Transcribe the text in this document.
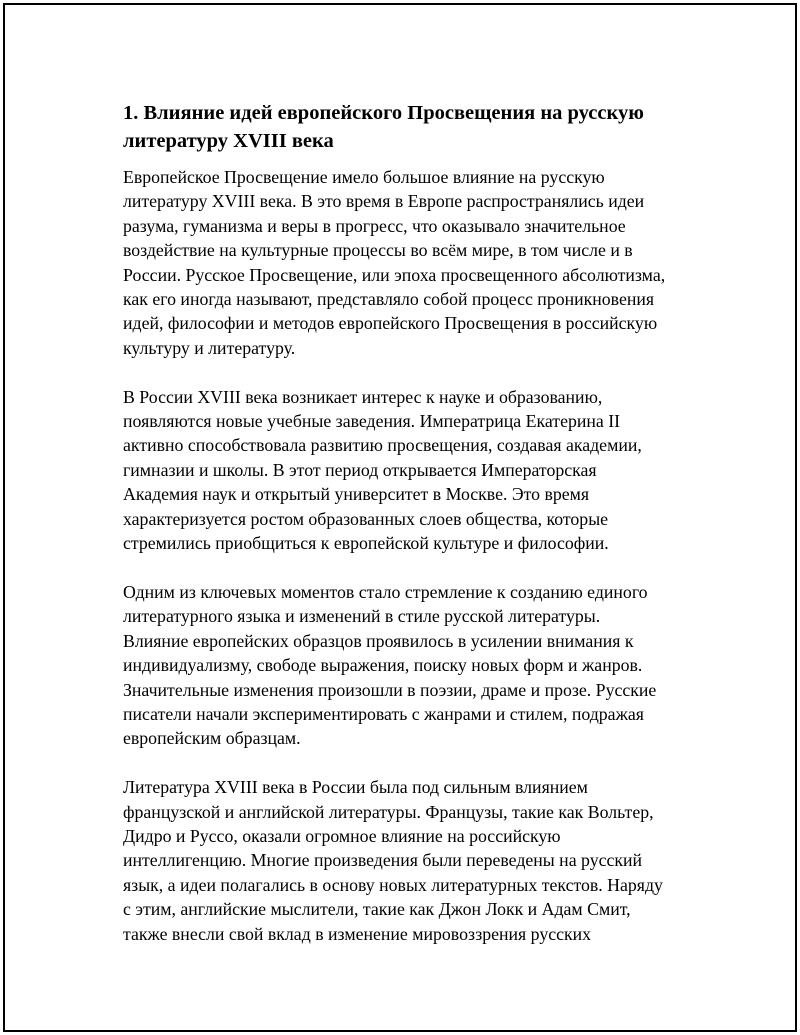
1. Влияние идей европейского Просвещения на русскую
литературу XVIII века

Европейское Просвещение имело большое влияние на русскую
литературу XVIII века. В это время в Европе распространялись идеи
разума, гуманизма и веры в прогресс, что оказывало значительное
воздействие на культурные процессы во всём мире, в том числе и в
России. Русское Просвещение, или эпоха просвещенного абсолютизма,
как его иногда называют, представляло собой процесс проникновения
идей, философии и методов европейского Просвещения в российскую
культуру и литературу.

В России XVIII века возникает интерес к науке и образованию,
появляются новые учебные заведения. Императрица Екатерина II
активно способствовала развитию просвещения, создавая академии,
гимназии и школы. В этот период открывается Императорская
Академия наук и открытый университет в Москве. Это время
характеризуется ростом образованных слоев общества, которые
стремились приобщиться к европейской культуре и философии.

Одним из ключевых моментов стало стремление к созданию единого
литературного языка и изменений в стиле русской литературы.
Влияние европейских образцов проявилось в усилении внимания к
индивидуализму, свободе выражения, поиску новых форм и жанров.
Значительные изменения произошли в поэзии, драме и прозе. Русские
писатели начали экспериментировать с жанрами и стилем, подражая
европейским образцам.

Литература XVIII века в России была под сильным влиянием
французской и английской литературы. Французы, такие как Вольтер,
Дидро и Руссо, оказали огромное влияние на российскую
интеллигенцию. Многие произведения были переведены на русский
язык, а идеи полагались в основу новых литературных текстов. Наряду
с этим, английские мыслители, такие как Джон Локк и Адам Смит,
также внесли свой вклад в изменение мировоззрения русских
